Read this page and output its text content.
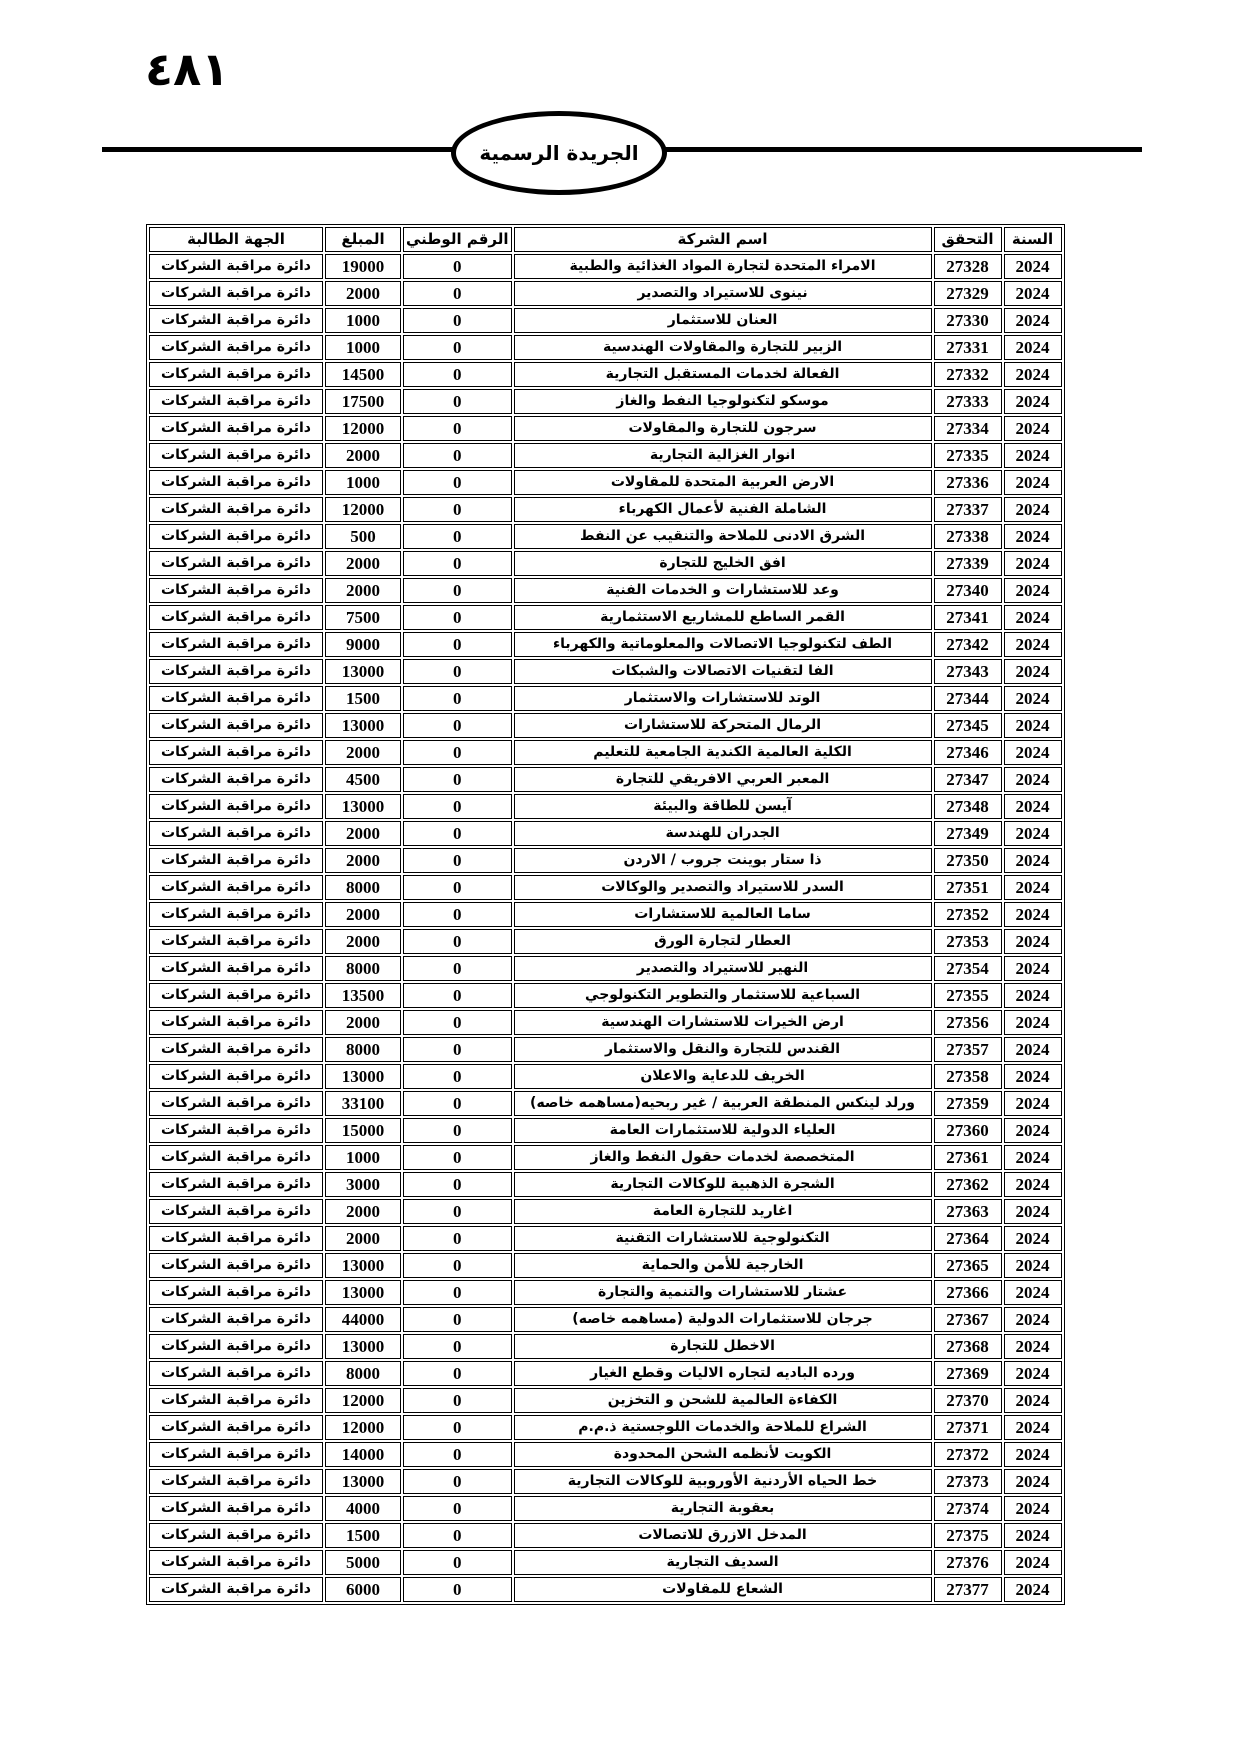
٤٨١
الجريدة الرسمية
السنة	التحقق	اسم الشركة	الرقم الوطني	المبلغ	الجهة الطالبة
2024	27328	الامراء المتحدة لتجارة المواد الغذائية والطبية	0	19000	دائرة مراقبة الشركات
2024	27329	نينوى للاستيراد والتصدير	0	2000	دائرة مراقبة الشركات
2024	27330	العنان للاستثمار	0	1000	دائرة مراقبة الشركات
2024	27331	الزبير للتجارة والمقاولات الهندسية	0	1000	دائرة مراقبة الشركات
2024	27332	الفعالة لخدمات المستقبل التجارية	0	14500	دائرة مراقبة الشركات
2024	27333	موسكو لتكنولوجيا النفط والغاز	0	17500	دائرة مراقبة الشركات
2024	27334	سرجون للتجارة والمقاولات	0	12000	دائرة مراقبة الشركات
2024	27335	انوار الغزالية التجارية	0	2000	دائرة مراقبة الشركات
2024	27336	الارض العربية المتحدة للمقاولات	0	1000	دائرة مراقبة الشركات
2024	27337	الشاملة الفنية لأعمال الكهرباء	0	12000	دائرة مراقبة الشركات
2024	27338	الشرق الادنى للملاحة والتنقيب عن النفط	0	500	دائرة مراقبة الشركات
2024	27339	افق الخليج للتجارة	0	2000	دائرة مراقبة الشركات
2024	27340	وعد للاستشارات و الخدمات الفنية	0	2000	دائرة مراقبة الشركات
2024	27341	القمر الساطع للمشاريع الاستثمارية	0	7500	دائرة مراقبة الشركات
2024	27342	الطف لتكنولوجيا الاتصالات والمعلوماتية والكهرباء	0	9000	دائرة مراقبة الشركات
2024	27343	الفا لتقنيات الاتصالات والشبكات	0	13000	دائرة مراقبة الشركات
2024	27344	الوتد للاستشارات والاستثمار	0	1500	دائرة مراقبة الشركات
2024	27345	الرمال المتحركة للاستشارات	0	13000	دائرة مراقبة الشركات
2024	27346	الكلية العالمية الكندية الجامعية للتعليم	0	2000	دائرة مراقبة الشركات
2024	27347	المعبر العربي الافريقي للتجارة	0	4500	دائرة مراقبة الشركات
2024	27348	آيسن للطاقة والبيئة	0	13000	دائرة مراقبة الشركات
2024	27349	الجدران للهندسة	0	2000	دائرة مراقبة الشركات
2024	27350	ذا ستار بوينت جروب / الاردن	0	2000	دائرة مراقبة الشركات
2024	27351	السدر للاستيراد والتصدير والوكالات	0	8000	دائرة مراقبة الشركات
2024	27352	ساما العالمية للاستشارات	0	2000	دائرة مراقبة الشركات
2024	27353	العطار لتجارة الورق	0	2000	دائرة مراقبة الشركات
2024	27354	النهير للاستيراد والتصدير	0	8000	دائرة مراقبة الشركات
2024	27355	السباعية للاستثمار والتطوير التكنولوجي	0	13500	دائرة مراقبة الشركات
2024	27356	ارض الخيرات للاستشارات الهندسية	0	2000	دائرة مراقبة الشركات
2024	27357	القندس للتجارة والنقل والاستثمار	0	8000	دائرة مراقبة الشركات
2024	27358	الخريف للدعاية والاعلان	0	13000	دائرة مراقبة الشركات
2024	27359	ورلد لينكس المنطقة العربية / غير ربحيه(مساهمه خاصه)	0	33100	دائرة مراقبة الشركات
2024	27360	العلياء الدولية للاستثمارات العامة	0	15000	دائرة مراقبة الشركات
2024	27361	المتخصصة لخدمات حقول النفط والغاز	0	1000	دائرة مراقبة الشركات
2024	27362	الشجرة الذهبية للوكالات التجارية	0	3000	دائرة مراقبة الشركات
2024	27363	اغاريد للتجارة العامة	0	2000	دائرة مراقبة الشركات
2024	27364	التكنولوجية للاستشارات التقنية	0	2000	دائرة مراقبة الشركات
2024	27365	الخارجية للأمن والحماية	0	13000	دائرة مراقبة الشركات
2024	27366	عشتار للاستشارات والتنمية والتجارة	0	13000	دائرة مراقبة الشركات
2024	27367	جرجان للاستثمارات الدولية (مساهمه خاصه)	0	44000	دائرة مراقبة الشركات
2024	27368	الاخطل للتجارة	0	13000	دائرة مراقبة الشركات
2024	27369	ورده الباديه لتجاره الاليات وقطع الغيار	0	8000	دائرة مراقبة الشركات
2024	27370	الكفاءة العالمية للشحن و التخزين	0	12000	دائرة مراقبة الشركات
2024	27371	الشراع للملاحة والخدمات اللوجستية ذ.م.م	0	12000	دائرة مراقبة الشركات
2024	27372	الكويت لأنظمه الشحن المحدودة	0	14000	دائرة مراقبة الشركات
2024	27373	خط الحياه الأردنية الأوروبية للوكالات التجارية	0	13000	دائرة مراقبة الشركات
2024	27374	بعقوبة التجارية	0	4000	دائرة مراقبة الشركات
2024	27375	المدخل الازرق للاتصالات	0	1500	دائرة مراقبة الشركات
2024	27376	السديف التجارية	0	5000	دائرة مراقبة الشركات
2024	27377	الشعاع للمقاولات	0	6000	دائرة مراقبة الشركات
